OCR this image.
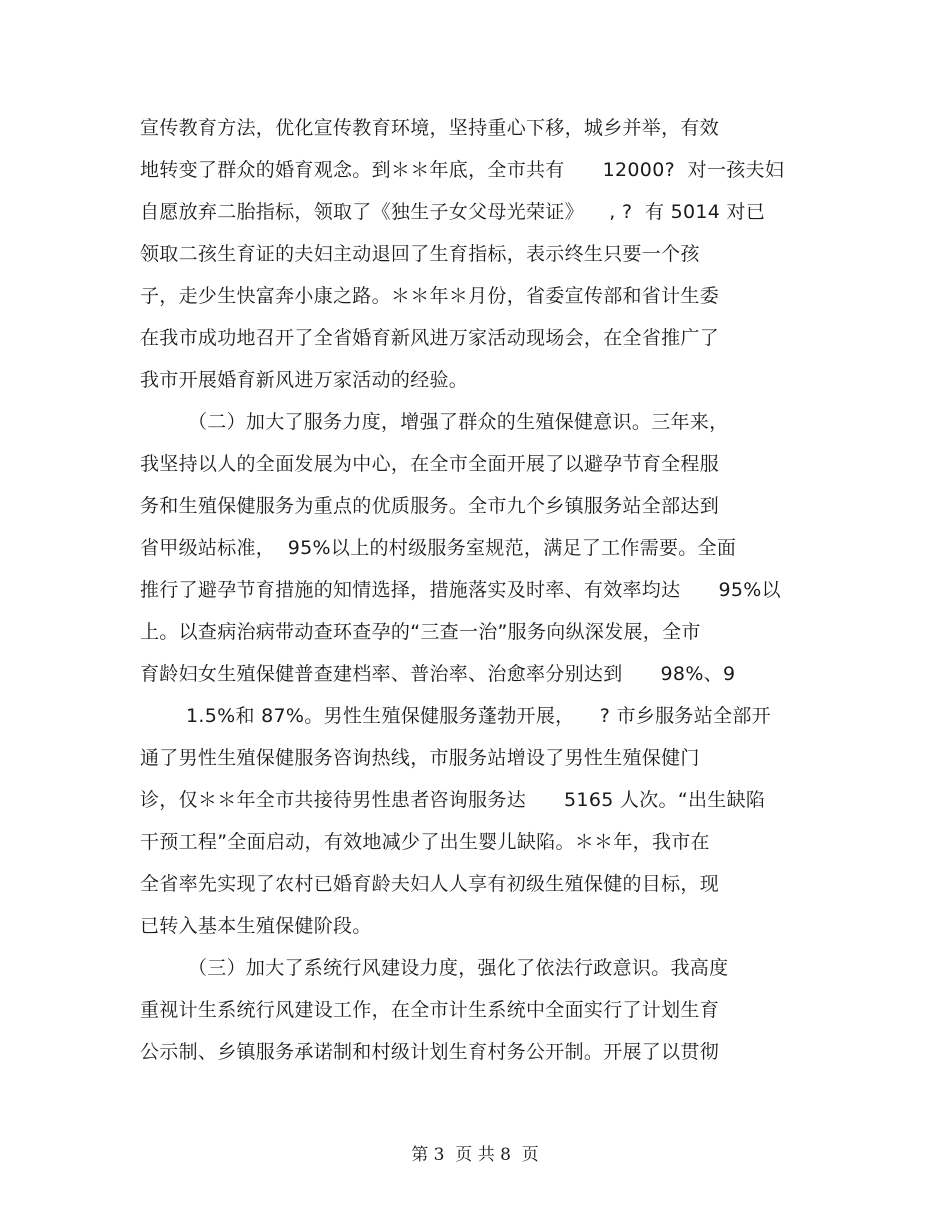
宣传教育方法，优化宣传教育环境，坚持重心下移，城乡并举，有效
地转变了群众的婚育观念。到＊＊年底，全市共有      12000?  对一孩夫妇
自愿放弃二胎指标，领取了《独生子女父母光荣证》    , ?  有 5014 对已
领取二孩生育证的夫妇主动退回了生育指标，表示终生只要一个孩
子，走少生快富奔小康之路。＊＊年＊月份，省委宣传部和省计生委
在我市成功地召开了全省婚育新风进万家活动现场会，在全省推广了
我市开展婚育新风进万家活动的经验。
（二）加大了服务力度，增强了群众的生殖保健意识。三年来，
我坚持以人的全面发展为中心，在全市全面开展了以避孕节育全程服
务和生殖保健服务为重点的优质服务。全市九个乡镇服务站全部达到
省甲级站标准，  95%以上的村级服务室规范，满足了工作需要。全面
推行了避孕节育措施的知情选择，措施落实及时率、有效率均达      95%以
上。以查病治病带动查环查孕的“三查一治”服务向纵深发展，全市
育龄妇女生殖保健普查建档率、普治率、治愈率分别达到      98%、9
1.5%和 87%。男性生殖保健服务蓬勃开展，    ? 市乡服务站全部开
通了男性生殖保健服务咨询热线，市服务站增设了男性生殖保健门
诊，仅＊＊年全市共接待男性患者咨询服务达      5165 人次。“出生缺陷
干预工程”全面启动，有效地减少了出生婴儿缺陷。＊＊年，我市在
全省率先实现了农村已婚育龄夫妇人人享有初级生殖保健的目标，现
已转入基本生殖保健阶段。
（三）加大了系统行风建设力度，强化了依法行政意识。我高度
重视计生系统行风建设工作，在全市计生系统中全面实行了计划生育
公示制、乡镇服务承诺制和村级计划生育村务公开制。开展了以贯彻
第 3  页 共 8  页
